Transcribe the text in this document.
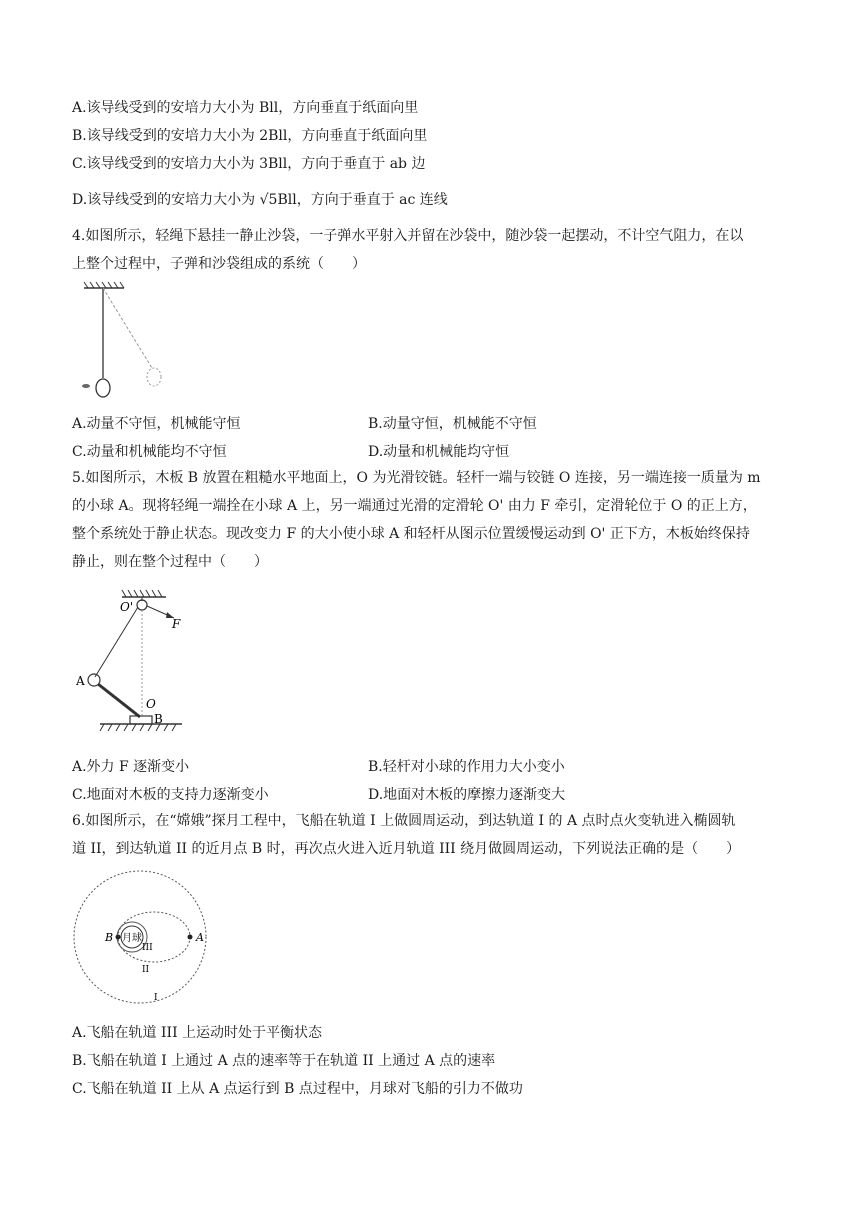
A.该导线受到的安培力大小为 Bll，方向垂直于纸面向里
B.该导线受到的安培力大小为 2Bll，方向垂直于纸面向里
C.该导线受到的安培力大小为 3Bll，方向于垂直于 ab 边
D.该导线受到的安培力大小为 √5Bll，方向于垂直于 ac 连线
4.如图所示，轻绳下悬挂一静止沙袋，一子弹水平射入并留在沙袋中，随沙袋一起摆动，不计空气阻力，在以
上整个过程中，子弹和沙袋组成的系统（　　）
A.动量不守恒，机械能守恒	B.动量守恒，机械能不守恒
C.动量和机械能均不守恒	D.动量和机械能均守恒
5.如图所示，木板 B 放置在粗糙水平地面上，O 为光滑铰链。轻杆一端与铰链 O 连接，另一端连接一质量为 m
的小球 A。现将轻绳一端拴在小球 A 上，另一端通过光滑的定滑轮 O' 由力 F 牵引，定滑轮位于 O 的正上方，
整个系统处于静止状态。现改变力 F 的大小使小球 A 和轻杆从图示位置缓慢运动到 O' 正下方，木板始终保持
静止，则在整个过程中（　　）
O'
F
A
O
B
A.外力 F 逐渐变小	B.轻杆对小球的作用力大小变小
C.地面对木板的支持力逐渐变小	D.地面对木板的摩擦力逐渐变大
6.如图所示，在“嫦娥”探月工程中，飞船在轨道 I 上做圆周运动，到达轨道 I 的 A 点时点火变轨进入椭圆轨
道 II，到达轨道 II 的近月点 B 时，再次点火进入近月轨道 III 绕月做圆周运动，下列说法正确的是（　　）
B 月球
III
A
II
I
A.飞船在轨道 III 上运动时处于平衡状态
B.飞船在轨道 I 上通过 A 点的速率等于在轨道 II 上通过 A 点的速率
C.飞船在轨道 II 上从 A 点运行到 B 点过程中，月球对飞船的引力不做功
